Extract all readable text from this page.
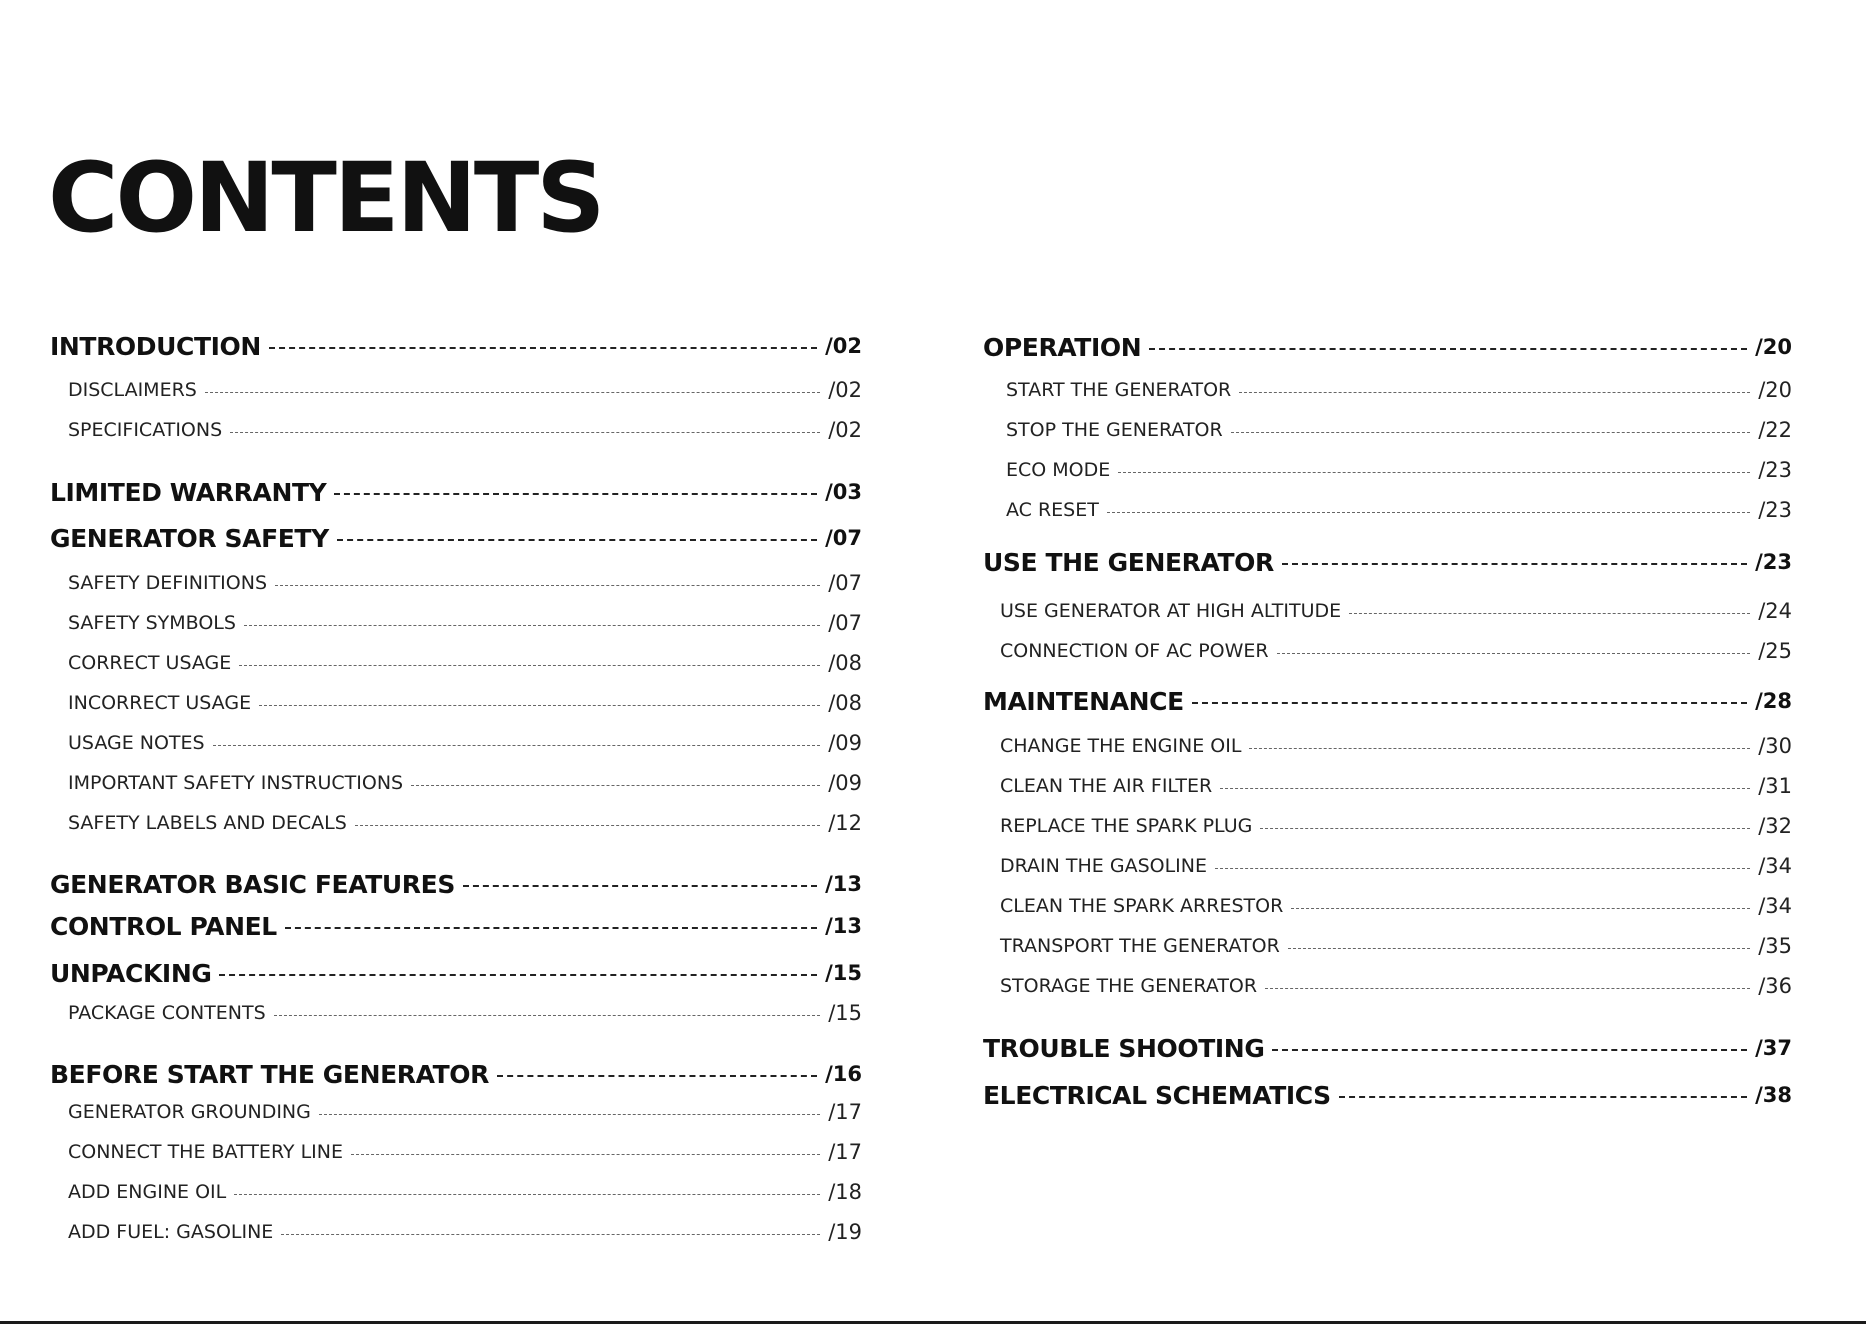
CONTENTS
INTRODUCTION	/02
DISCLAIMERS	/02
SPECIFICATIONS	/02
LIMITED WARRANTY	/03
GENERATOR SAFETY	/07
SAFETY DEFINITIONS	/07
SAFETY SYMBOLS	/07
CORRECT USAGE	/08
INCORRECT USAGE	/08
USAGE NOTES	/09
IMPORTANT SAFETY INSTRUCTIONS	/09
SAFETY LABELS AND DECALS	/12
GENERATOR BASIC FEATURES	/13
CONTROL PANEL	/13
UNPACKING	/15
PACKAGE CONTENTS	/15
BEFORE START THE GENERATOR	/16
GENERATOR GROUNDING	/17
CONNECT THE BATTERY LINE	/17
ADD ENGINE OIL	/18
ADD FUEL: GASOLINE	/19
OPERATION	/20
START THE GENERATOR	/20
STOP THE GENERATOR	/22
ECO MODE	/23
AC RESET	/23
USE THE GENERATOR	/23
USE GENERATOR AT HIGH ALTITUDE	/24
CONNECTION OF AC POWER	/25
MAINTENANCE	/28
CHANGE THE ENGINE OIL	/30
CLEAN THE AIR FILTER	/31
REPLACE THE SPARK PLUG	/32
DRAIN THE GASOLINE	/34
CLEAN THE SPARK ARRESTOR	/34
TRANSPORT THE GENERATOR	/35
STORAGE THE GENERATOR	/36
TROUBLE SHOOTING	/37
ELECTRICAL SCHEMATICS	/38
